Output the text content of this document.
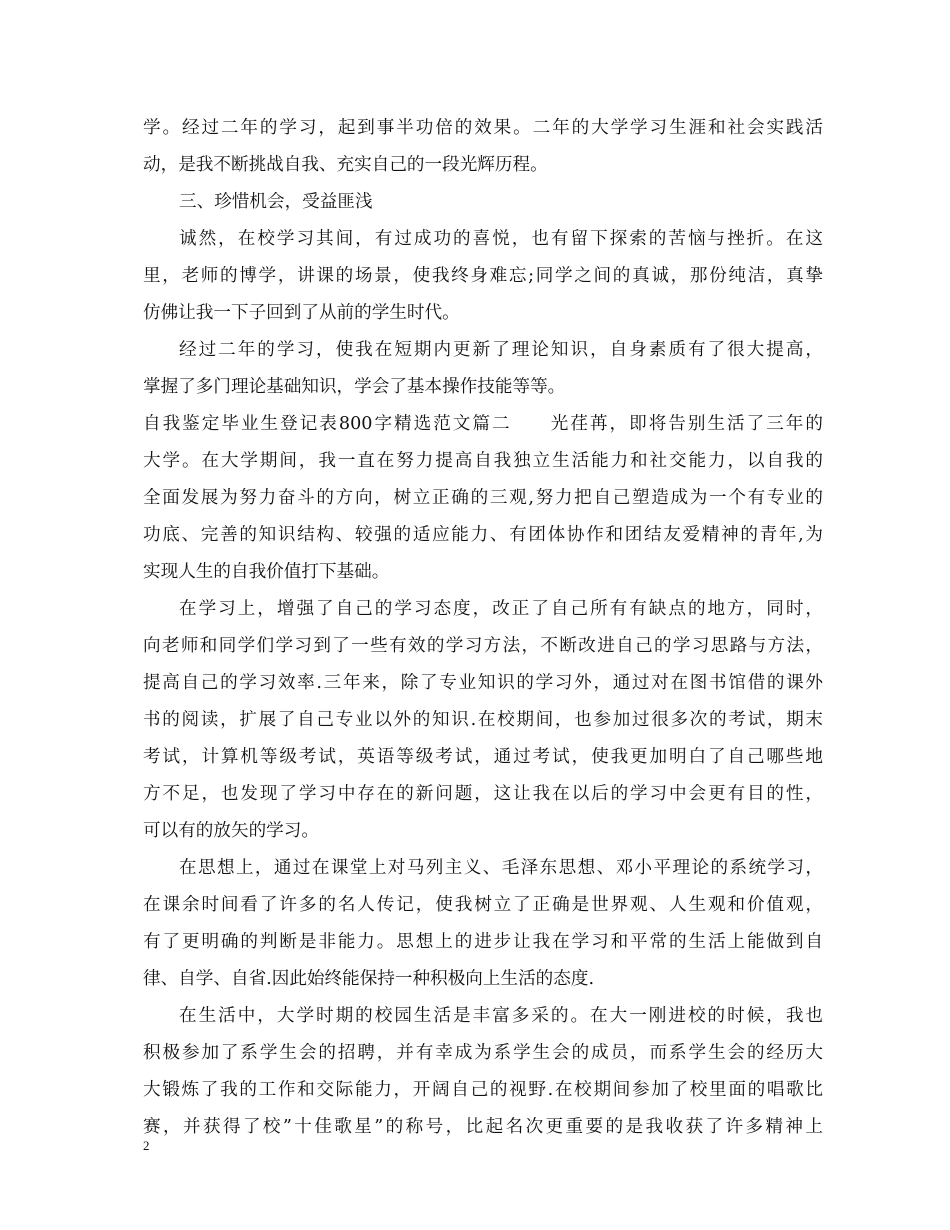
学。经过二年的学习，起到事半功倍的效果。二年的大学学习生涯和社会实践活
动，是我不断挑战自我、充实自己的一段光辉历程。
三、珍惜机会，受益匪浅
诚然，在校学习其间，有过成功的喜悦，也有留下探索的苦恼与挫折。在这
里，老师的博学，讲课的场景，使我终身难忘;同学之间的真诚，那份纯洁，真挚
仿佛让我一下子回到了从前的学生时代。
经过二年的学习，使我在短期内更新了理论知识，自身素质有了很大提高，
掌握了多门理论基础知识，学会了基本操作技能等等。
自我鉴定毕业生登记表800字精选范文篇二　　光荏苒，即将告别生活了三年的
大学。在大学期间，我一直在努力提高自我独立生活能力和社交能力，以自我的
全面发展为努力奋斗的方向，树立正确的三观,努力把自己塑造成为一个有专业的
功底、完善的知识结构、较强的适应能力、有团体协作和团结友爱精神的青年,为
实现人生的自我价值打下基础。
在学习上，增强了自己的学习态度，改正了自己所有有缺点的地方，同时，
向老师和同学们学习到了一些有效的学习方法，不断改进自己的学习思路与方法，
提高自己的学习效率.三年来，除了专业知识的学习外，通过对在图书馆借的课外
书的阅读，扩展了自己专业以外的知识.在校期间，也参加过很多次的考试，期末
考试，计算机等级考试，英语等级考试，通过考试，使我更加明白了自己哪些地
方不足，也发现了学习中存在的新问题，这让我在以后的学习中会更有目的性，
可以有的放矢的学习。
在思想上，通过在课堂上对马列主义、毛泽东思想、邓小平理论的系统学习，
在课余时间看了许多的名人传记，使我树立了正确是世界观、人生观和价值观，
有了更明确的判断是非能力。思想上的进步让我在学习和平常的生活上能做到自
律、自学、自省.因此始终能保持一种积极向上生活的态度.
在生活中，大学时期的校园生活是丰富多采的。在大一刚进校的时候，我也
积极参加了系学生会的招聘，并有幸成为系学生会的成员，而系学生会的经历大
大锻炼了我的工作和交际能力，开阔自己的视野.在校期间参加了校里面的唱歌比
赛，并获得了校”十佳歌星”的称号，比起名次更重要的是我收获了许多精神上
2
